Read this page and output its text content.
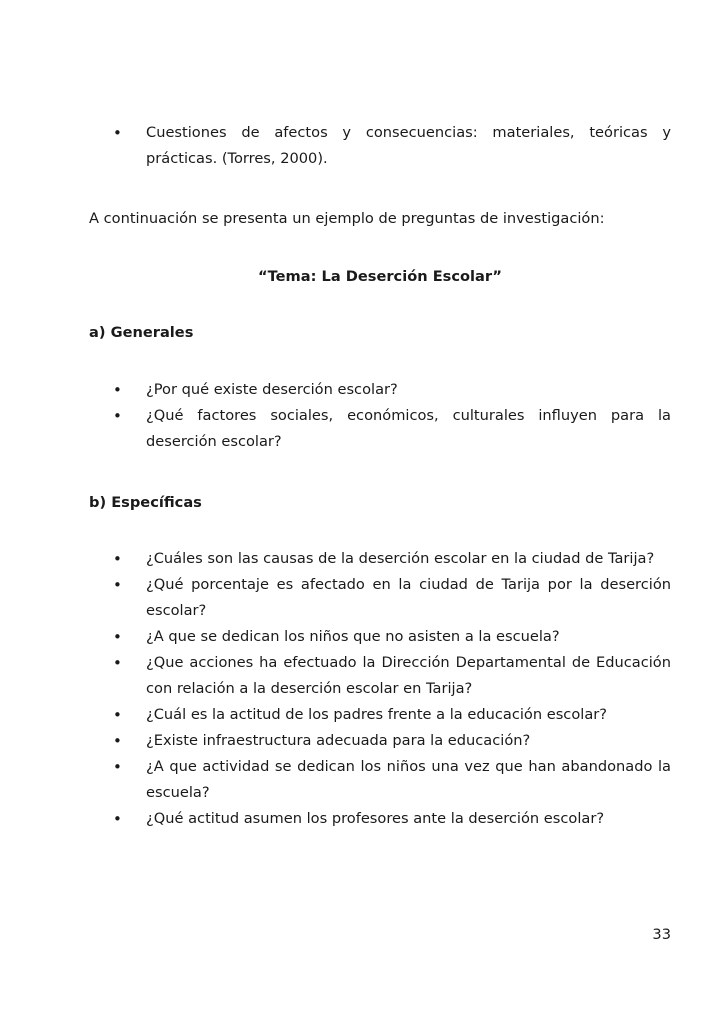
• Cuestiones de afectos y consecuencias: materiales, teóricas y prácticas. (Torres, 2000).

A continuación se presenta un ejemplo de preguntas de investigación:

“Tema: La Deserción Escolar”

a) Generales

• ¿Por qué existe deserción escolar?
• ¿Qué factores sociales, económicos, culturales influyen para la deserción escolar?

b) Específicas

• ¿Cuáles son las causas de la deserción escolar en la ciudad de Tarija?
• ¿Qué porcentaje es afectado en la ciudad de Tarija por la deserción escolar?
• ¿A que se dedican los niños que no asisten a la escuela?
• ¿Que acciones ha efectuado la Dirección Departamental de Educación con relación a la deserción escolar en Tarija?
• ¿Cuál es la actitud de los padres frente a la educación escolar?
• ¿Existe infraestructura adecuada para la educación?
• ¿A que actividad se dedican los niños una vez que han abandonado la escuela?
• ¿Qué actitud asumen los profesores ante la deserción escolar?

33
